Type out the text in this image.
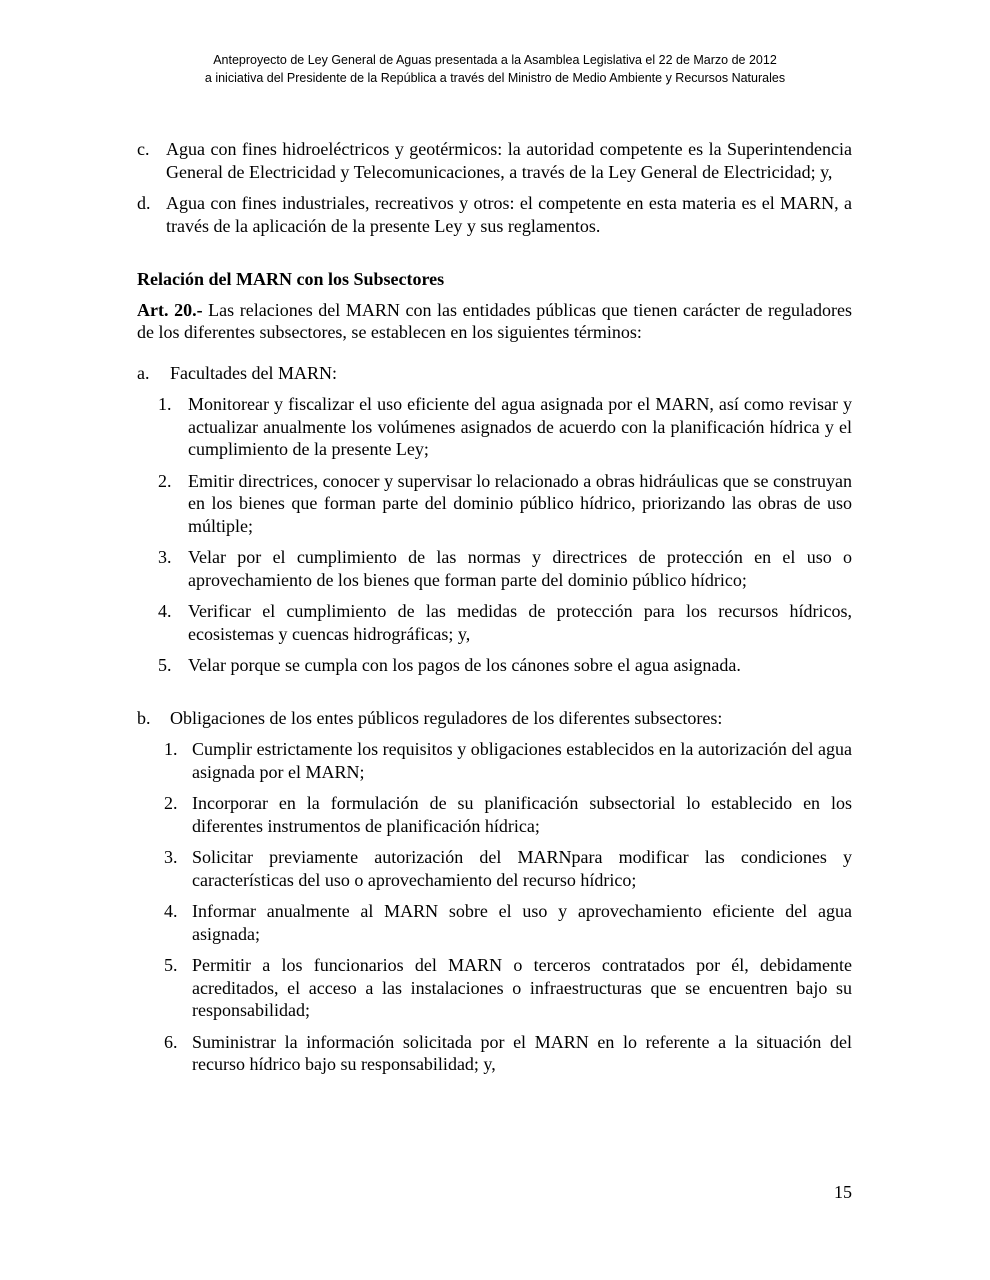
Anteproyecto de Ley General de Aguas presentada a la Asamblea Legislativa el 22 de Marzo de 2012
a iniciativa del Presidente de la República a través del Ministro de Medio Ambiente y Recursos Naturales
c. Agua con fines hidroeléctricos y geotérmicos: la autoridad competente es la Superintendencia General de Electricidad y Telecomunicaciones, a través de la Ley General de Electricidad; y,
d. Agua con fines industriales, recreativos y otros: el competente en esta materia es el MARN, a través de la aplicación de la presente Ley y sus reglamentos.
Relación del MARN con los Subsectores
Art. 20.- Las relaciones del MARN con las entidades públicas que tienen carácter de reguladores de los diferentes subsectores, se establecen en los siguientes términos:
a.	Facultades del MARN:
1. Monitorear y fiscalizar el uso eficiente del agua asignada por el MARN, así como revisar y actualizar anualmente los volúmenes asignados de acuerdo con la planificación hídrica y el cumplimiento de la presente Ley;
2. Emitir directrices, conocer y supervisar lo relacionado a obras hidráulicas que se construyan en los bienes que forman parte del dominio público hídrico, priorizando las obras de uso múltiple;
3. Velar por el cumplimiento de las normas y directrices de protección en el uso o aprovechamiento de los bienes que forman parte del dominio público hídrico;
4. Verificar el cumplimiento de las medidas de protección para los recursos hídricos, ecosistemas y cuencas hidrográficas; y,
5. Velar porque se cumpla con los pagos de los cánones sobre el agua asignada.
b.	Obligaciones de los entes públicos reguladores de los diferentes subsectores:
1. Cumplir estrictamente los requisitos y obligaciones establecidos en la autorización del agua asignada por el MARN;
2. Incorporar en la formulación de su planificación subsectorial lo establecido en los diferentes instrumentos de planificación hídrica;
3. Solicitar previamente autorización del MARNpara modificar las condiciones y características del uso o aprovechamiento del recurso hídrico;
4. Informar anualmente al MARN sobre el uso y aprovechamiento eficiente del agua asignada;
5. Permitir a los funcionarios del MARN o terceros contratados por él, debidamente acreditados, el acceso a las instalaciones o infraestructuras que se encuentren bajo su responsabilidad;
6. Suministrar la información solicitada por el MARN en lo referente a la situación del recurso hídrico bajo su responsabilidad; y,
15
